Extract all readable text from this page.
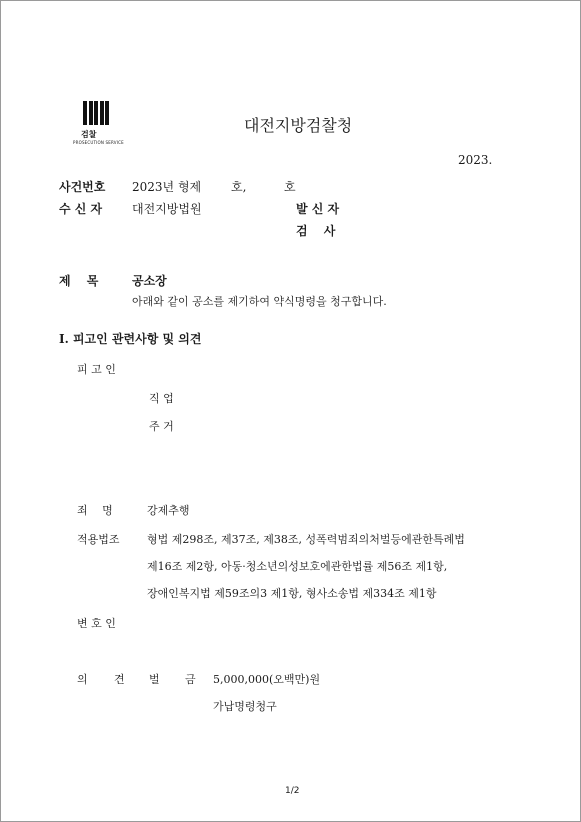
검찰
PROSECUTION SERVICE
대전지방검찰청
2023.
사건번호 2023년 형제 호,	호
수 신 자 대전지방법원	발 신 자
검　 사
제　 목	공소장
아래와 같이 공소를 제기하여 약식명령을 청구합니다.
Ⅰ. 피고인 관련사항 및 의견
피 고 인
직 업
주 거
죄　 명	강제추행
적용법조 형법 제298조, 제37조, 제38조, 성폭력범죄의처벌등에관한특례법
제16조 제2항, 아동·청소년의성보호에관한법률 제56조 제1항,
장애인복지법 제59조의3 제1항, 형사소송법 제334조 제1항
변 호 인
의 견 벌 금 5,000,000(오백만)원
가납명령청구
1/2
